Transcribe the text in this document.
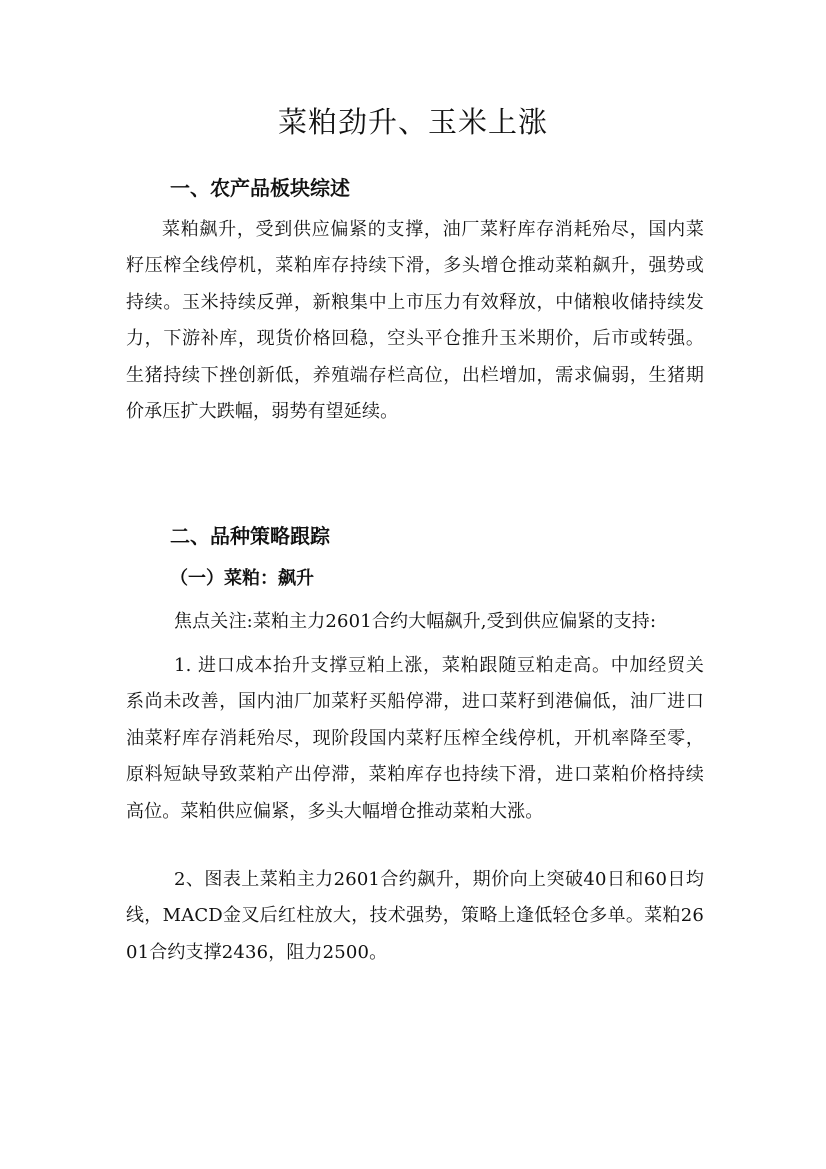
菜粕劲升、玉米上涨
一、农产品板块综述

菜粕飙升，受到供应偏紧的支撑，油厂菜籽库存消耗殆尽，国内菜籽压榨全线停机，菜粕库存持续下滑，多头增仓推动菜粕飙升，强势或持续。玉米持续反弹，新粮集中上市压力有效释放，中储粮收储持续发力，下游补库，现货价格回稳，空头平仓推升玉米期价，后市或转强。生猪持续下挫创新低，养殖端存栏高位，出栏增加，需求偏弱，生猪期价承压扩大跌幅，弱势有望延续。

二、品种策略跟踪
（一）菜粕：飙升

焦点关注:菜粕主力2601合约大幅飙升,受到供应偏紧的支持:

1. 进口成本抬升支撑豆粕上涨，菜粕跟随豆粕走高。中加经贸关系尚未改善，国内油厂加菜籽买船停滞，进口菜籽到港偏低，油厂进口油菜籽库存消耗殆尽，现阶段国内菜籽压榨全线停机，开机率降至零，原料短缺导致菜粕产出停滞，菜粕库存也持续下滑，进口菜粕价格持续高位。菜粕供应偏紧，多头大幅增仓推动菜粕大涨。

2、图表上菜粕主力2601合约飙升，期价向上突破40日和60日均线，MACD金叉后红柱放大，技术强势，策略上逢低轻仓多单。菜粕2601合约支撑2436，阻力2500。
